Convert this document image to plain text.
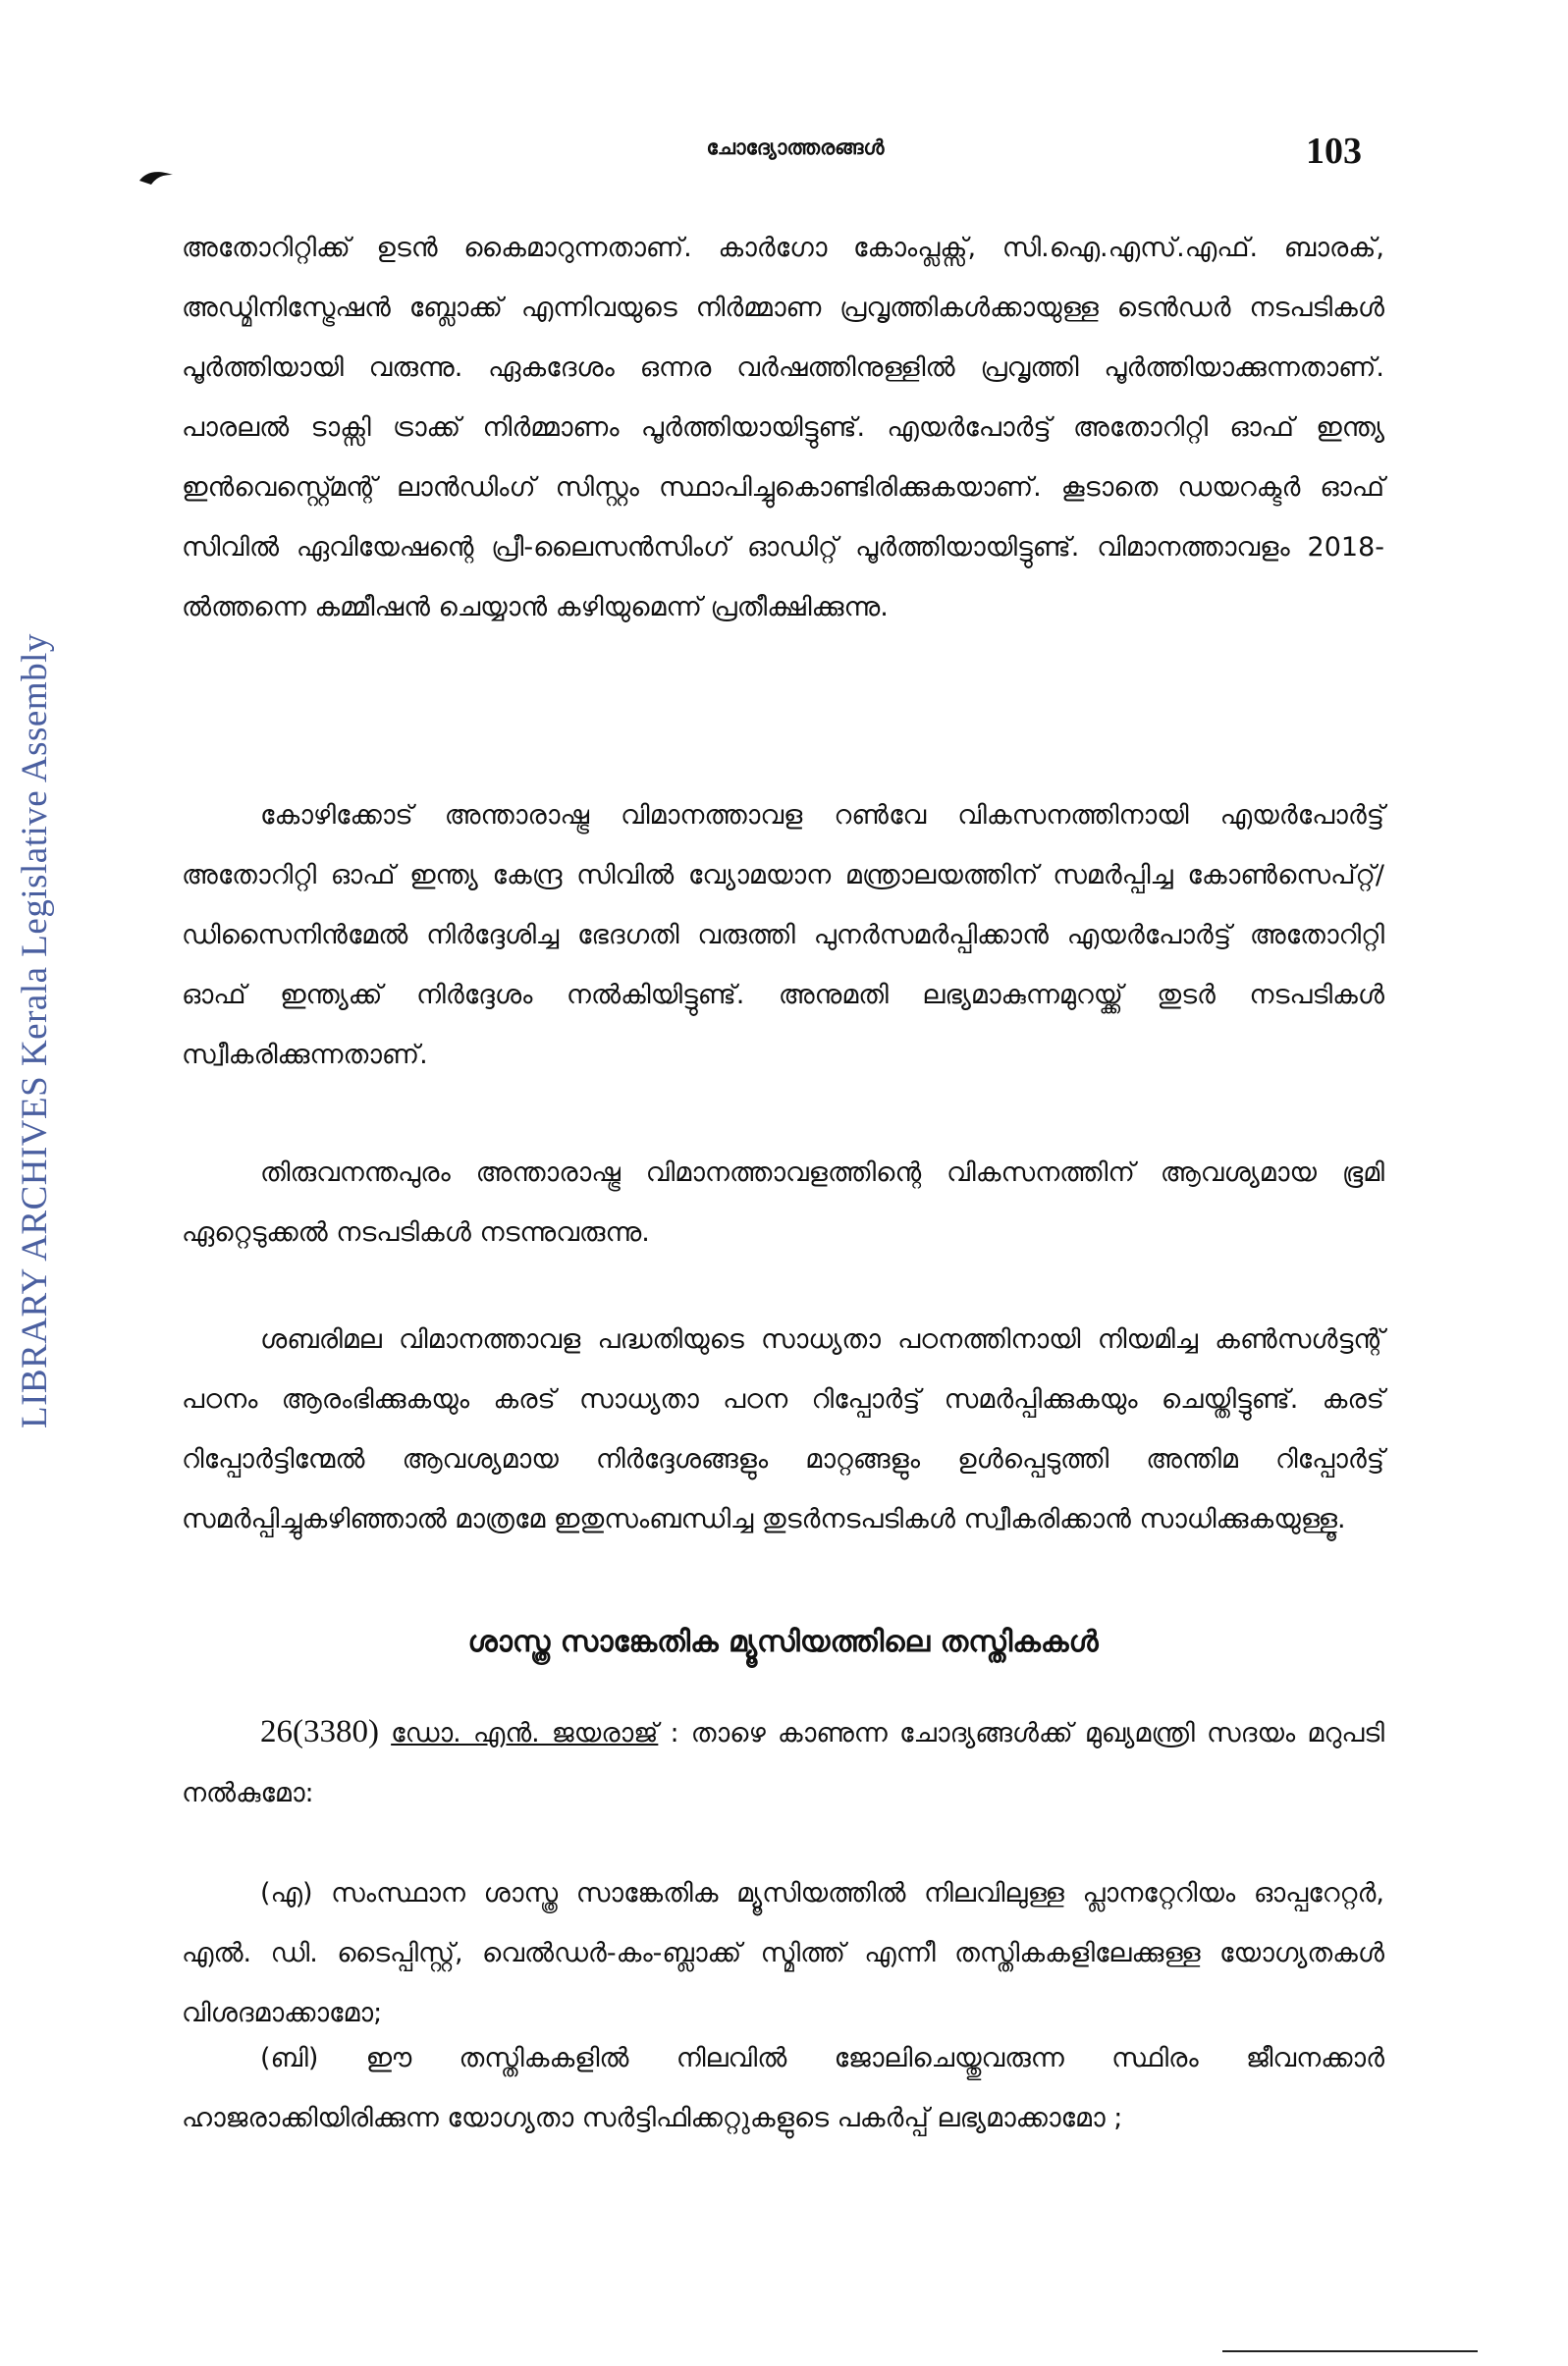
LIBRARY ARCHIVES Kerala Legislative Assembly
ചോദ്യോത്തരങ്ങൾ	103

അതോറിറ്റിക്ക് ഉടൻ കൈമാറുന്നതാണ്. കാർഗോ കോംപ്ലക്സ്, സി.ഐ.എസ്.എഫ്. ബാരക്, അഡ്മിനിസ്ട്രേഷൻ ബ്ലോക്ക് എന്നിവയുടെ നിർമ്മാണ പ്രവൃത്തികൾക്കായുള്ള ടെൻഡർ നടപടികൾ പൂർത്തിയായി വരുന്നു. ഏകദേശം ഒന്നര വർഷത്തിനുള്ളിൽ പ്രവൃത്തി പൂർത്തിയാക്കുന്നതാണ്. പാരലൽ ടാക്സി ട്രാക്ക് നിർമ്മാണം പൂർത്തിയായിട്ടുണ്ട്. എയർപോർട്ട് അതോറിറ്റി ഓഫ് ഇന്ത്യ ഇൻവെസ്റ്റ്മെന്റ് ലാൻഡിംഗ് സിസ്റ്റം സ്ഥാപിച്ചുകൊണ്ടിരിക്കുകയാണ്. കൂടാതെ ഡയറക്ടർ ഓഫ് സിവിൽ ഏവിയേഷന്റെ പ്രീ-ലൈസൻസിംഗ് ഓഡിറ്റ് പൂർത്തിയായിട്ടുണ്ട്. വിമാനത്താവളം 2018-ൽത്തന്നെ കമ്മീഷൻ ചെയ്യാൻ കഴിയുമെന്ന് പ്രതീക്ഷിക്കുന്നു.

കോഴിക്കോട് അന്താരാഷ്ട്ര വിമാനത്താവള റൺവേ വികസനത്തിനായി എയർപോർട്ട് അതോറിറ്റി ഓഫ് ഇന്ത്യ കേന്ദ്ര സിവിൽ വ്യോമയാന മന്ത്രാലയത്തിന് സമർപ്പിച്ച കോൺസെപ്റ്റ്/ഡിസൈനിൻമേൽ നിർദ്ദേശിച്ച ഭേദഗതി വരുത്തി പുനർസമർപ്പിക്കാൻ എയർപോർട്ട് അതോറിറ്റി ഓഫ് ഇന്ത്യക്ക് നിർദ്ദേശം നൽകിയിട്ടുണ്ട്. അനുമതി ലഭ്യമാകുന്നമുറയ്ക്ക് തുടർ നടപടികൾ സ്വീകരിക്കുന്നതാണ്.

തിരുവനന്തപുരം അന്താരാഷ്ട്ര വിമാനത്താവളത്തിന്റെ വികസനത്തിന് ആവശ്യമായ ഭൂമി ഏറ്റെടുക്കൽ നടപടികൾ നടന്നുവരുന്നു.

ശബരിമല വിമാനത്താവള പദ്ധതിയുടെ സാധ്യതാ പഠനത്തിനായി നിയമിച്ച കൺസൾട്ടന്റ് പഠനം ആരംഭിക്കുകയും കരട് സാധ്യതാ പഠന റിപ്പോർട്ട് സമർപ്പിക്കുകയും ചെയ്തിട്ടുണ്ട്. കരട് റിപ്പോർട്ടിന്മേൽ ആവശ്യമായ നിർദ്ദേശങ്ങളും മാറ്റങ്ങളും ഉൾപ്പെടുത്തി അന്തിമ റിപ്പോർട്ട് സമർപ്പിച്ചുകഴിഞ്ഞാൽ മാത്രമേ ഇതുസംബന്ധിച്ച തുടർനടപടികൾ സ്വീകരിക്കാൻ സാധിക്കുകയുള്ളൂ.

ശാസ്ത്ര സാങ്കേതിക മ്യൂസിയത്തിലെ തസ്തികകൾ

26(3380) ഡോ. എൻ. ജയരാജ് : താഴെ കാണുന്ന ചോദ്യങ്ങൾക്ക് മുഖ്യമന്ത്രി സദയം മറുപടി നൽകുമോ:

(എ) സംസ്ഥാന ശാസ്ത്ര സാങ്കേതിക മ്യൂസിയത്തിൽ നിലവിലുള്ള പ്ലാനറ്റേറിയം ഓപ്പറേറ്റർ, എൽ. ഡി. ടൈപ്പിസ്റ്റ്, വെൽഡർ-കം-ബ്ലാക്ക് സ്മിത്ത് എന്നീ തസ്തികകളിലേക്കുള്ള യോഗ്യതകൾ വിശദമാക്കാമോ;

(ബി) ഈ തസ്തികകളിൽ നിലവിൽ ജോലിചെയ്തുവരുന്ന സ്ഥിരം ജീവനക്കാർ ഹാജരാക്കിയിരിക്കുന്ന യോഗ്യതാ സർട്ടിഫിക്കറ്റുകളുടെ പകർപ്പ് ലഭ്യമാക്കാമോ ;
